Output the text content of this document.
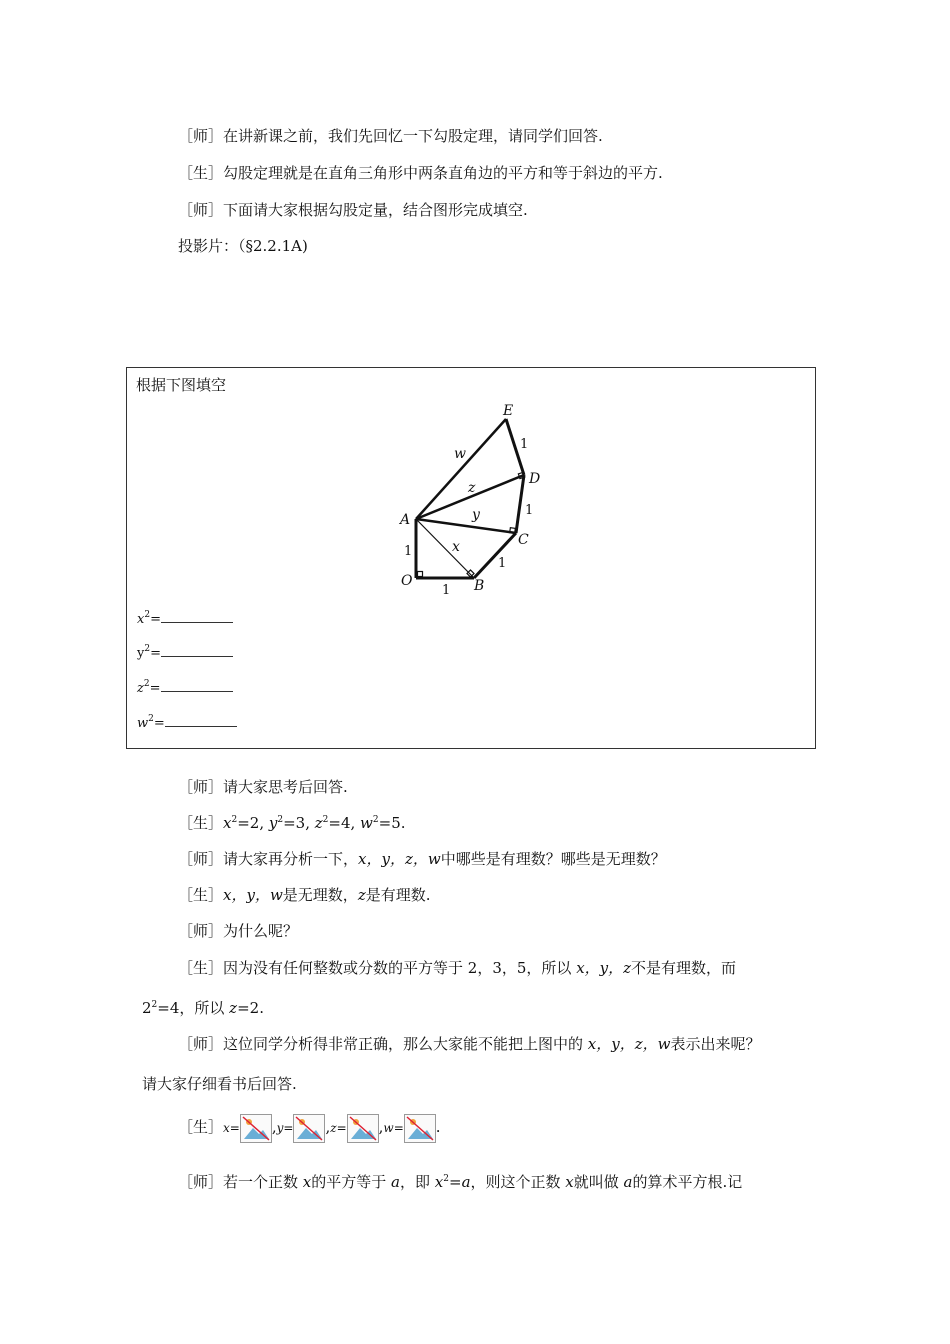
［师］在讲新课之前，我们先回忆一下勾股定理，请同学们回答.
［生］勾股定理就是在直角三角形中两条直角边的平方和等于斜边的平方.
［师］下面请大家根据勾股定量，结合图形完成填空.
投影片：（§2.2.1A)
根据下图填空
E
D
A
C
O	B
w
z
y
x
1
1
1
1
1
$x^2=$
$y^2=$
$z^2=$
$w^2=$
［师］请大家思考后回答.
［生$]x^2=2$, $y^2=3$, $z^2=4$, $w^2=5$.
［师］请大家再分析一下，x，y，z，w中哪些是有理数？哪些是无理数？
［生］x，y，w是无理数，z是有理数.
［师］为什么呢？
［生］因为没有任何整数或分数的平方等于 2，3，5，所以 x，y，z不是有理数，而
$2^2=4$，所以 z=2.
［师］这位同学分析得非常正确，那么大家能不能把上图中的 x，y，z，w表示出来呢？
请大家仔细看书后回答.
［生］x= ,y= ,z= ,w= .
［师］若一个正数 x的平方等于 a，即 $x^2=a$，则这个正数 x就叫做 a的算术平方根.记
